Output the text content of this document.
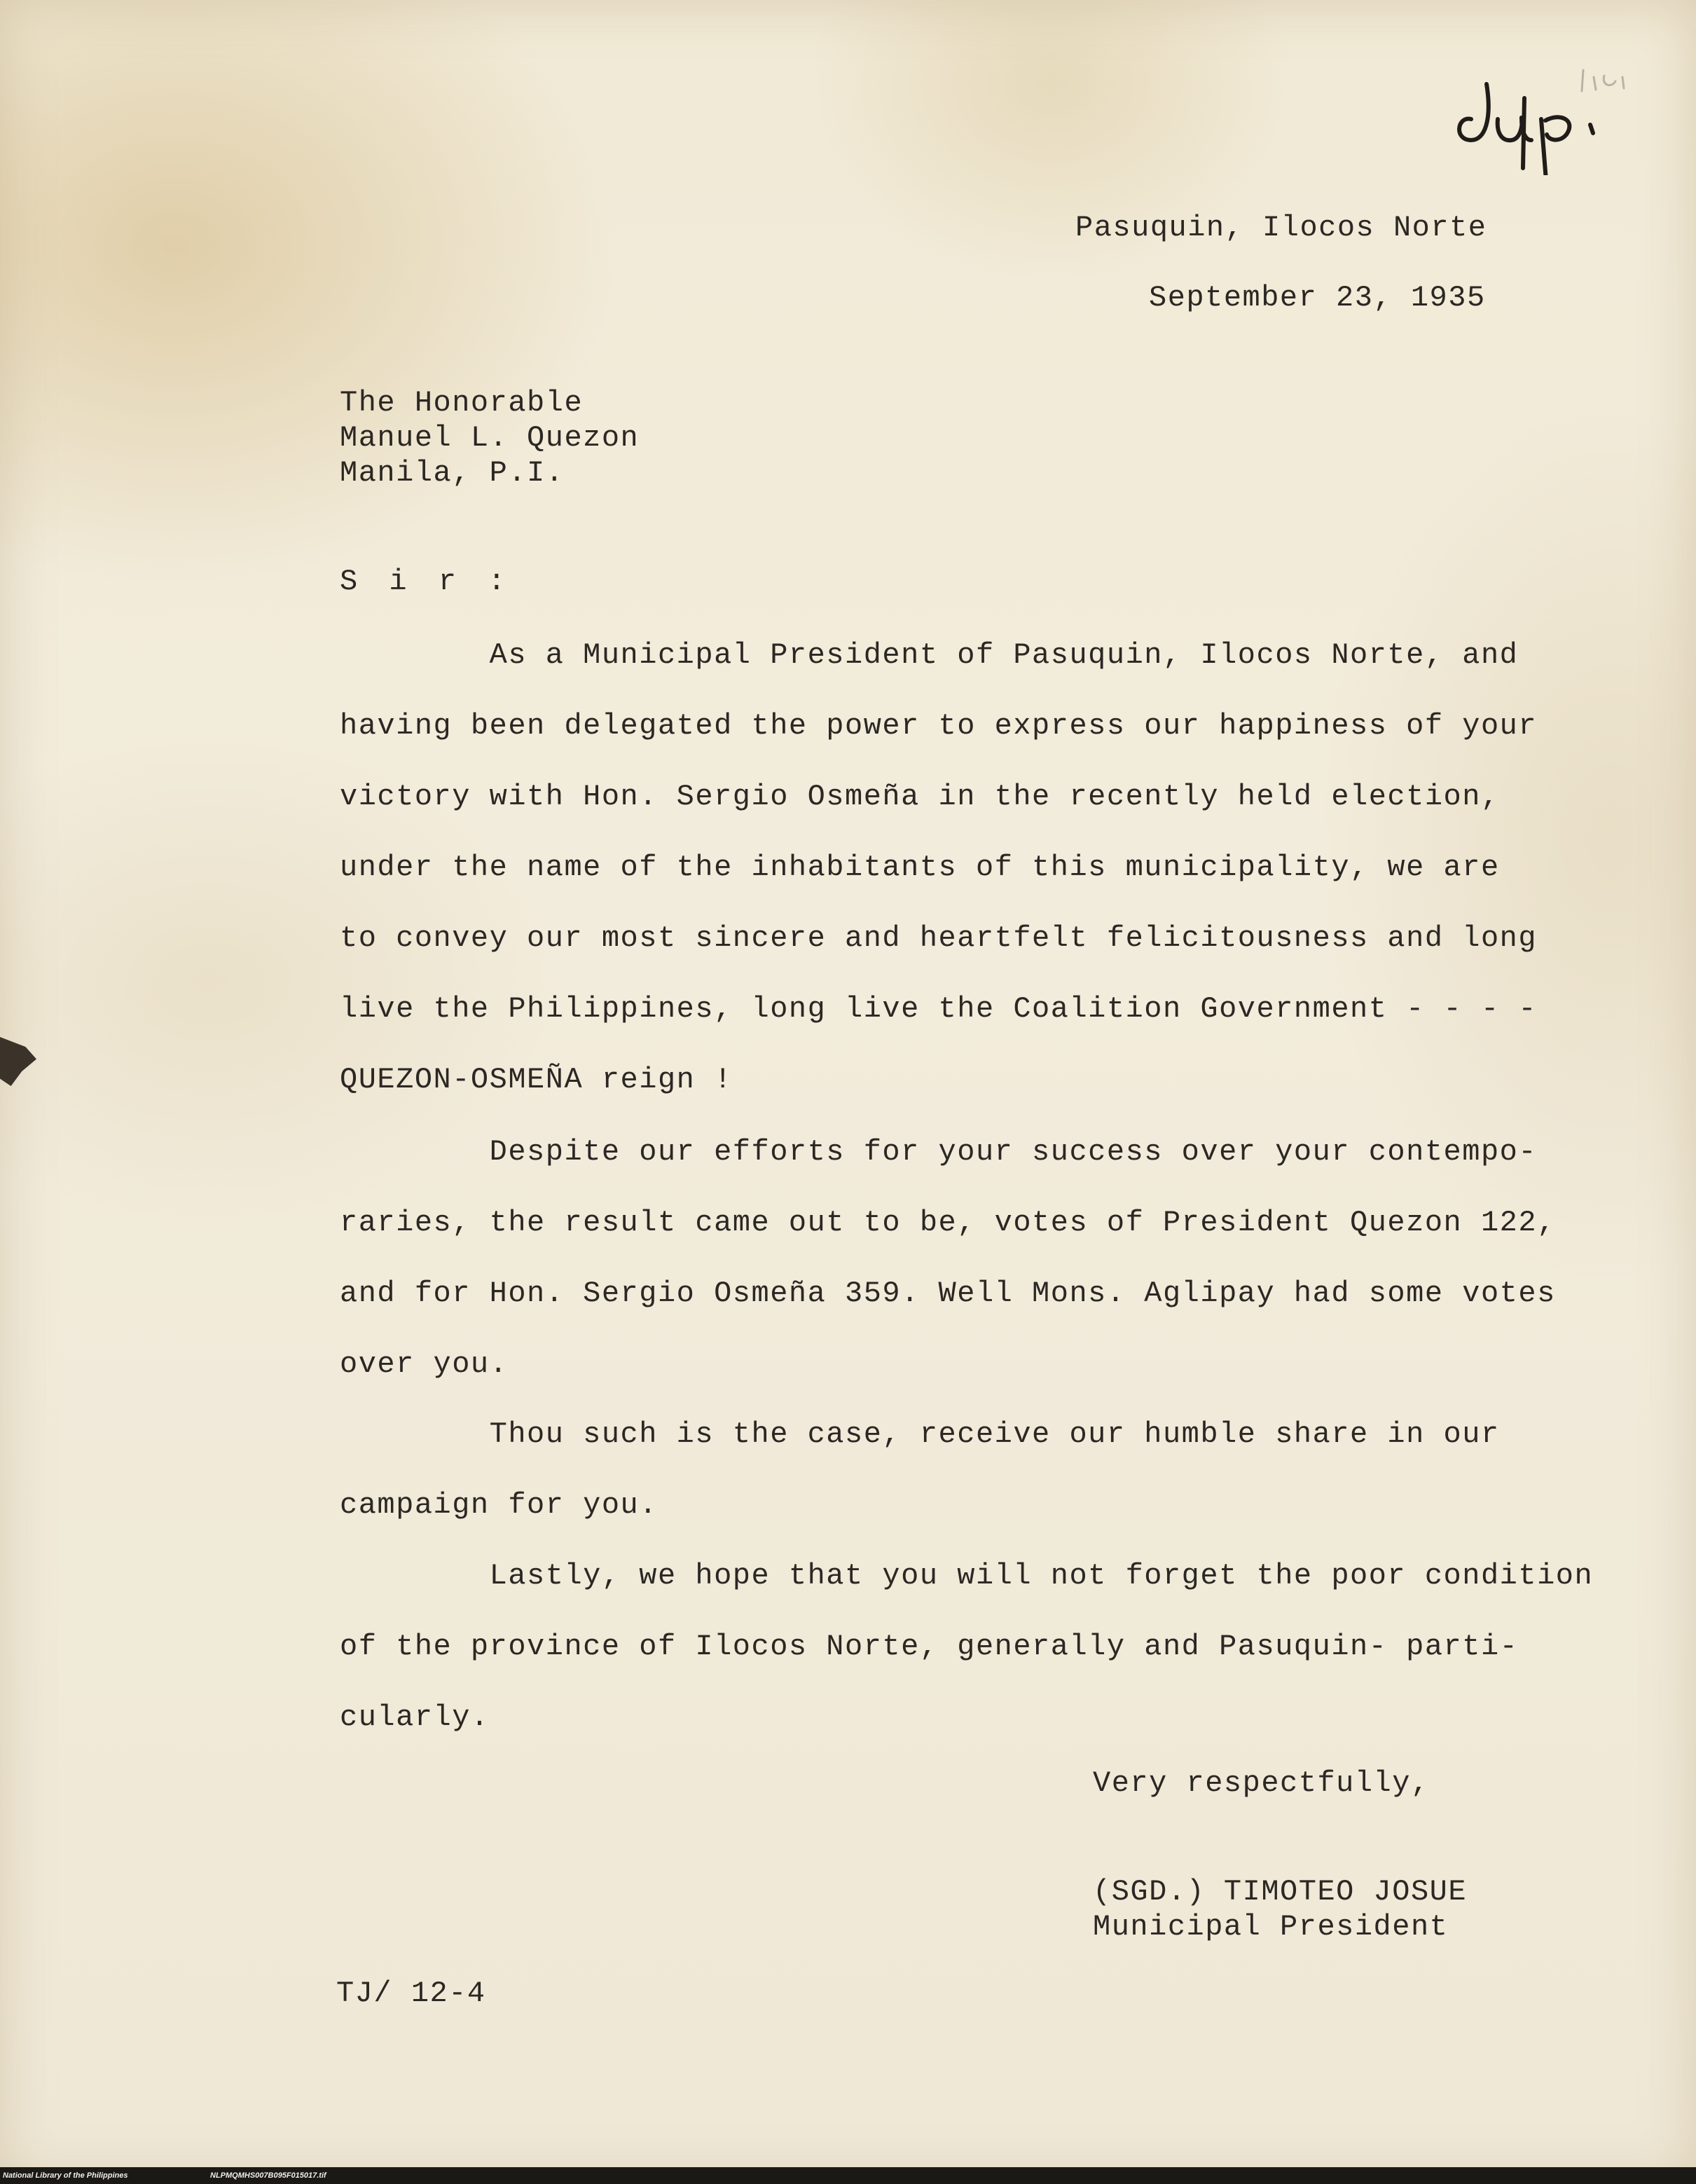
Pasuquin, Ilocos Norte
September 23, 1935
The Honorable
Manuel L. Quezon
Manila, P.I.
S i r :
As a Municipal President of Pasuquin, Ilocos Norte, and
having been delegated the power to express our happiness of your
victory with Hon. Sergio Osmeña in the recently held election,
under the name of the inhabitants of this municipality, we are
to convey our most sincere and heartfelt felicitousness and long
live the Philippines, long live the Coalition Government - - - -
QUEZON-OSMEÑA reign !
Despite our efforts for your success over your contempo-
raries, the result came out to be, votes of President Quezon 122,
and for Hon. Sergio Osmeña 359. Well Mons. Aglipay had some votes
over you.
Thou such is the case, receive our humble share in our
campaign for you.
Lastly, we hope that you will not forget the poor condition
of the province of Ilocos Norte, generally and Pasuquin- parti-
cularly.
Very respectfully,
(SGD.) TIMOTEO JOSUE
Municipal President
TJ/ 12-4
National Library of the Philippines	NLPMQMHS007B095F015017.tif
